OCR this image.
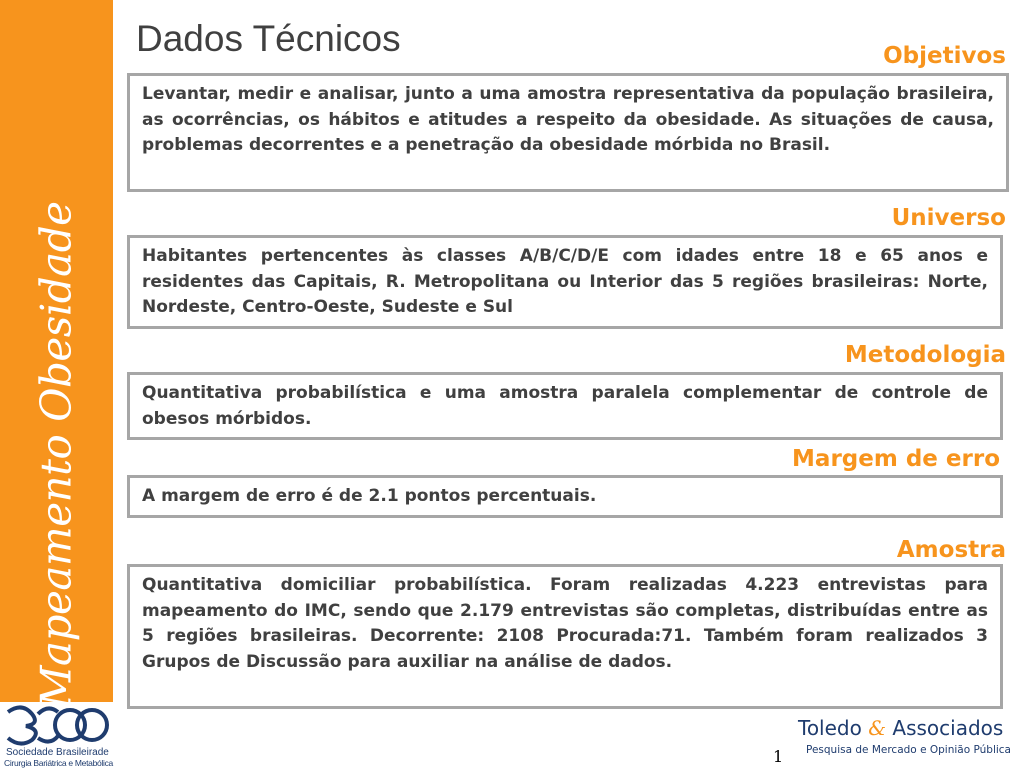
Mapeamento Obesidade
Dados Técnicos	Objetivos
Levantar, medir e analisar, junto a uma amostra representativa da população brasileira, as ocorrências, os hábitos e atitudes a respeito da obesidade. As situações de causa, problemas decorrentes e a penetração da obesidade mórbida no Brasil.
Universo
Habitantes pertencentes às classes A/B/C/D/E com idades entre 18 e 65 anos e residentes das Capitais, R. Metropolitana ou Interior das 5 regiões brasileiras: Norte, Nordeste, Centro-Oeste, Sudeste e Sul
Metodologia
Quantitativa probabilística e uma amostra paralela complementar de controle de obesos mórbidos.
Margem de erro
A margem de erro é de 2.1 pontos percentuais.
Amostra
Quantitativa domiciliar probabilística. Foram realizadas 4.223 entrevistas para mapeamento do IMC, sendo que 2.179 entrevistas são completas, distribuídas entre as 5 regiões brasileiras. Decorrente: 2108 Procurada:71. Também foram realizados 3 Grupos de Discussão para auxiliar na análise de dados.
Sociedade Brasileirade
Cirurgia Bariátrica e Metabólica
Toledo & Associados
Pesquisa de Mercado e Opinião Pública
1
